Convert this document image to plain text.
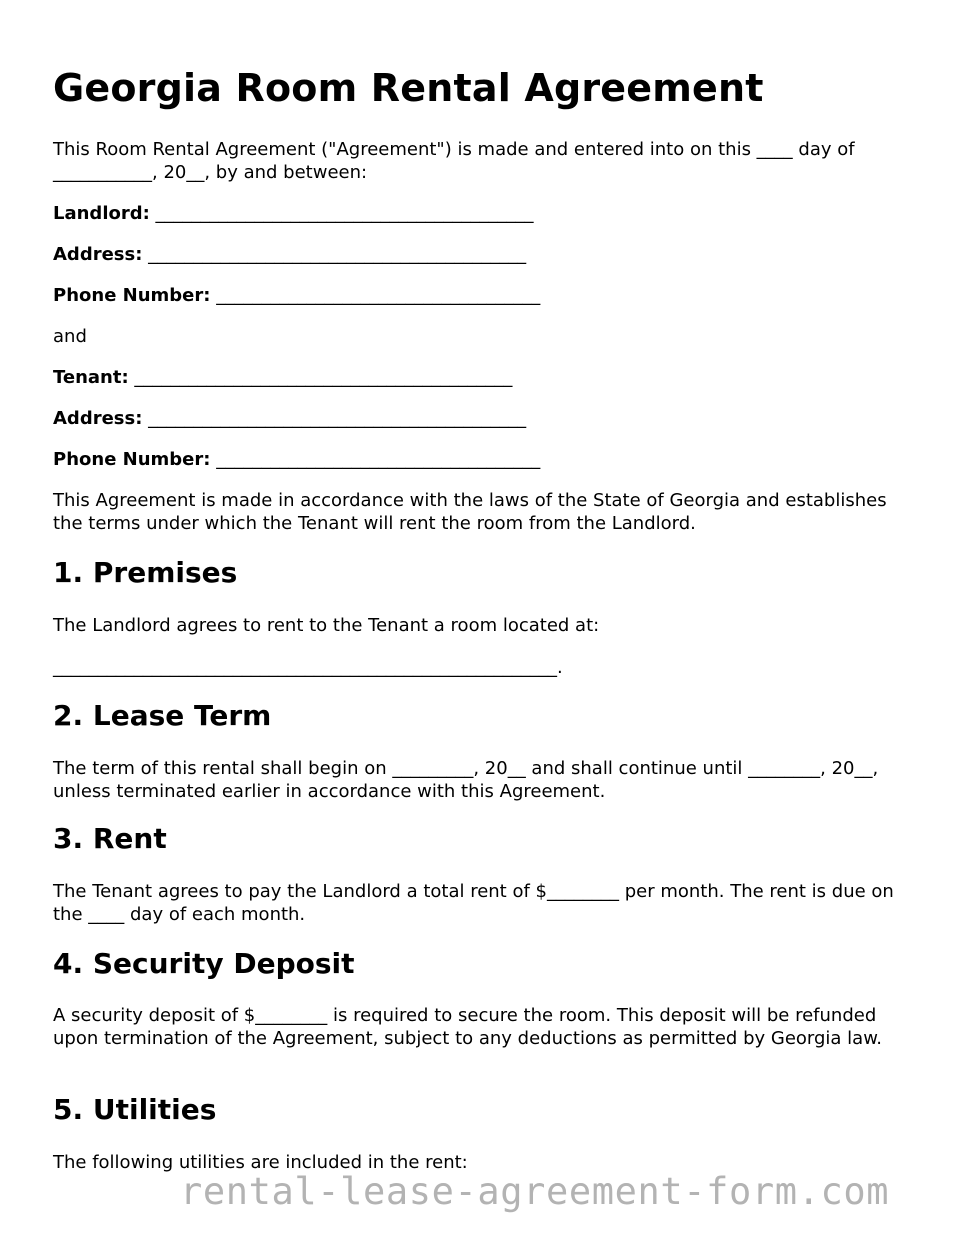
Georgia Room Rental Agreement

This Room Rental Agreement ("Agreement") is made and entered into on this ____ day of ___________, 20__, by and between:

Landlord: __________________________________________
Address: __________________________________________
Phone Number: ____________________________________
and
Tenant: __________________________________________
Address: __________________________________________
Phone Number: ____________________________________

This Agreement is made in accordance with the laws of the State of Georgia and establishes the terms under which the Tenant will rent the room from the Landlord.

1. Premises

The Landlord agrees to rent to the Tenant a room located at:

________________________________________________________.

2. Lease Term

The term of this rental shall begin on _________, 20__ and shall continue until ________, 20__, unless terminated earlier in accordance with this Agreement.

3. Rent

The Tenant agrees to pay the Landlord a total rent of $________ per month. The rent is due on the ____ day of each month.

4. Security Deposit

A security deposit of $________ is required to secure the room. This deposit will be refunded upon termination of the Agreement, subject to any deductions as permitted by Georgia law.

5. Utilities

The following utilities are included in the rent:

rental-lease-agreement-form.com
